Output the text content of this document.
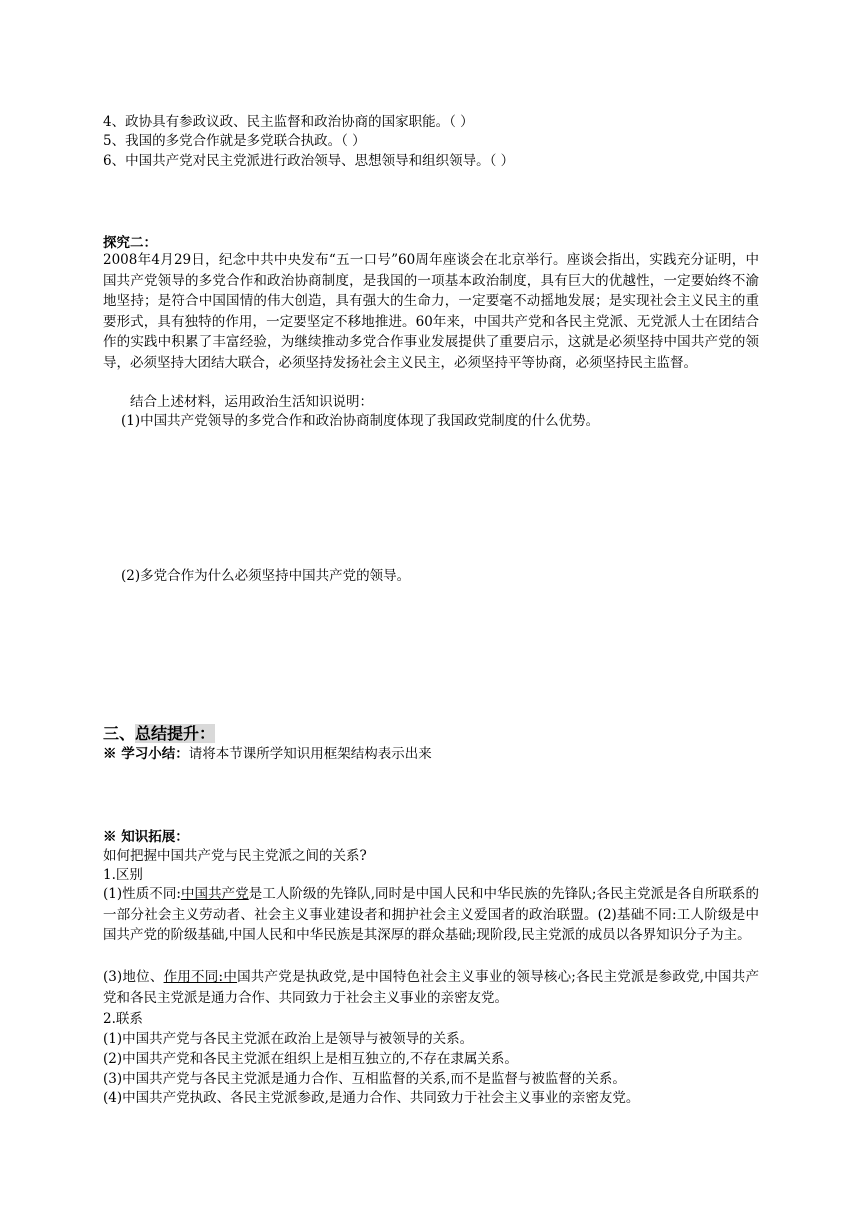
4、政协具有参政议政、民主监督和政治协商的国家职能。（ ）
5、我国的多党合作就是多党联合执政。（ ）
6、中国共产党对民主党派进行政治领导、思想领导和组织领导。（ ）
探究二：
2008年4月29日，纪念中共中央发布“五一口号”60周年座谈会在北京举行。座谈会指出，实践充分证明，中国共产党领导的多党合作和政治协商制度，是我国的一项基本政治制度，具有巨大的优越性，一定要始终不渝地坚持；是符合中国国情的伟大创造，具有强大的生命力，一定要毫不动摇地发展；是实现社会主义民主的重要形式，具有独特的作用，一定要坚定不移地推进。60年来，中国共产党和各民主党派、无党派人士在团结合作的实践中积累了丰富经验，为继续推动多党合作事业发展提供了重要启示，这就是必须坚持中国共产党的领导，必须坚持大团结大联合，必须坚持发扬社会主义民主，必须坚持平等协商，必须坚持民主监督。
结合上述材料，运用政治生活知识说明：
(1)中国共产党领导的多党合作和政治协商制度体现了我国政党制度的什么优势。
(2)多党合作为什么必须坚持中国共产党的领导。
三、总结提升：
※ 学习小结：请将本节课所学知识用框架结构表示出来
※ 知识拓展：
如何把握中国共产党与民主党派之间的关系?
1.区别
(1)性质不同:中国共产党是工人阶级的先锋队,同时是中国人民和中华民族的先锋队;各民主党派是各自所联系的一部分社会主义劳动者、社会主义事业建设者和拥护社会主义爱国者的政治联盟。(2)基础不同:工人阶级是中国共产党的阶级基础,中国人民和中华民族是其深厚的群众基础;现阶段,民主党派的成员以各界知识分子为主。
(3)地位、作用不同:中国共产党是执政党,是中国特色社会主义事业的领导核心;各民主党派是参政党,中国共产党和各民主党派是通力合作、共同致力于社会主义事业的亲密友党。
2.联系
(1)中国共产党与各民主党派在政治上是领导与被领导的关系。
(2)中国共产党和各民主党派在组织上是相互独立的,不存在隶属关系。
(3)中国共产党与各民主党派是通力合作、互相监督的关系,而不是监督与被监督的关系。
(4)中国共产党执政、各民主党派参政,是通力合作、共同致力于社会主义事业的亲密友党。
